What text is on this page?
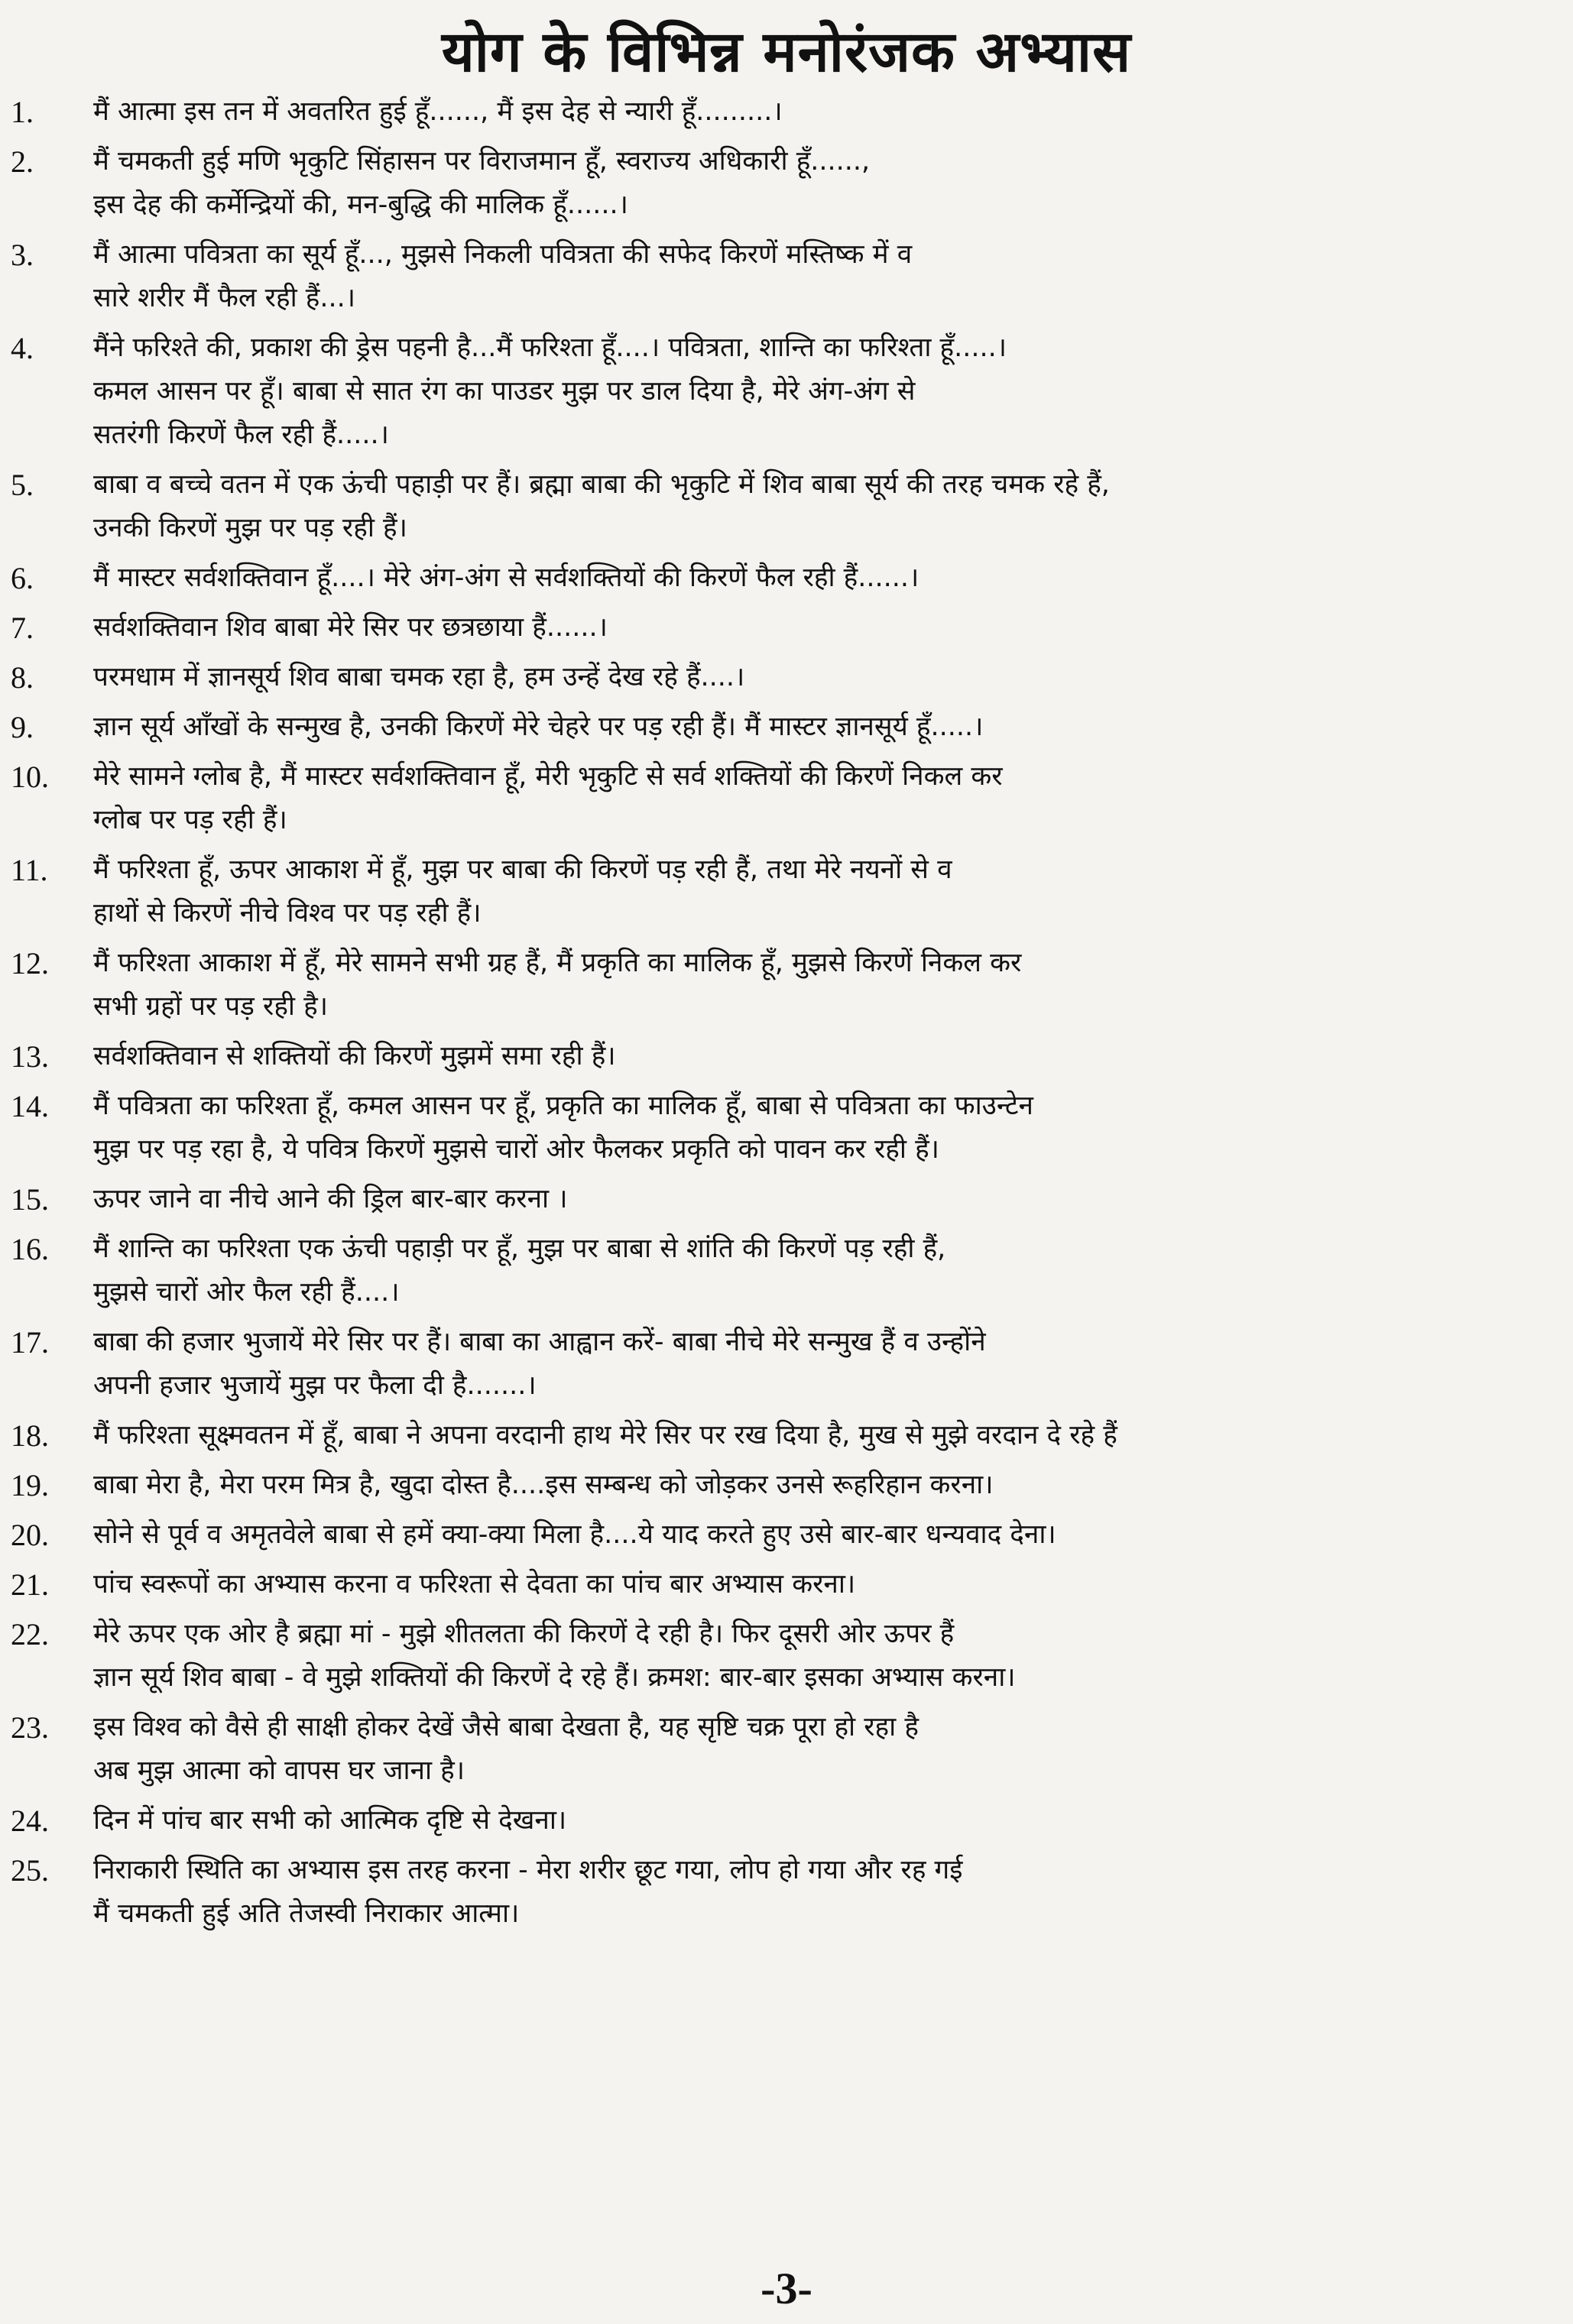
योग के विभिन्न मनोरंजक अभ्यास
1.	मैं आत्मा इस तन में अवतरित हुई हूँ......, मैं इस देह से न्यारी हूँ.........।
2.	मैं चमकती हुई मणि भृकुटि सिंहासन पर विराजमान हूँ, स्वराज्य अधिकारी हूँ......,
इस देह की कर्मेन्द्रियों की, मन-बुद्धि की मालिक हूँ......।
3.	मैं आत्मा पवित्रता का सूर्य हूँ..., मुझसे निकली पवित्रता की सफेद किरणें मस्तिष्क में व
सारे शरीर मैं फैल रही हैं...।
4.	मैंने फरिश्ते की, प्रकाश की ड्रेस पहनी है...मैं फरिश्ता हूँ....। पवित्रता, शान्ति का फरिश्ता हूँ.....।
कमल आसन पर हूँ। बाबा से सात रंग का पाउडर मुझ पर डाल दिया है, मेरे अंग-अंग से
सतरंगी किरणें फैल रही हैं.....।
5.	बाबा व बच्चे वतन में एक ऊंची पहाड़ी पर हैं। ब्रह्मा बाबा की भृकुटि में शिव बाबा सूर्य की तरह चमक रहे हैं,
उनकी किरणें मुझ पर पड़ रही हैं।
6.	मैं मास्टर सर्वशक्तिवान हूँ....। मेरे अंग-अंग से सर्वशक्तियों की किरणें फैल रही हैं......।
7.	सर्वशक्तिवान शिव बाबा मेरे सिर पर छत्रछाया हैं......।
8.	परमधाम में ज्ञानसूर्य शिव बाबा चमक रहा है, हम उन्हें देख रहे हैं....।
9.	ज्ञान सूर्य आँखों के सन्मुख है, उनकी किरणें मेरे चेहरे पर पड़ रही हैं। मैं मास्टर ज्ञानसूर्य हूँ.....।
10.	मेरे सामने ग्लोब है, मैं मास्टर सर्वशक्तिवान हूँ, मेरी भृकुटि से सर्व शक्तियों की किरणें निकल कर
ग्लोब पर पड़ रही हैं।
11.	मैं फरिश्ता हूँ, ऊपर आकाश में हूँ, मुझ पर बाबा की किरणें पड़ रही हैं, तथा मेरे नयनों से व
हाथों से किरणें नीचे विश्व पर पड़ रही हैं।
12.	मैं फरिश्ता आकाश में हूँ, मेरे सामने सभी ग्रह हैं, मैं प्रकृति का मालिक हूँ, मुझसे किरणें निकल कर
सभी ग्रहों पर पड़ रही है।
13.	सर्वशक्तिवान से शक्तियों की किरणें मुझमें समा रही हैं।
14.	मैं पवित्रता का फरिश्ता हूँ, कमल आसन पर हूँ, प्रकृति का मालिक हूँ, बाबा से पवित्रता का फाउन्टेन
मुझ पर पड़ रहा है, ये पवित्र किरणें मुझसे चारों ओर फैलकर प्रकृति को पावन कर रही हैं।
15.	ऊपर जाने वा नीचे आने की ड्रिल बार-बार करना ।
16.	मैं शान्ति का फरिश्ता एक ऊंची पहाड़ी पर हूँ, मुझ पर बाबा से शांति की किरणें पड़ रही हैं,
मुझसे चारों ओर फैल रही हैं....।
17.	बाबा की हजार भुजायें मेरे सिर पर हैं। बाबा का आह्वान करें- बाबा नीचे मेरे सन्मुख हैं व उन्होंने
अपनी हजार भुजायें मुझ पर फैला दी है.......।
18.	मैं फरिश्ता सूक्ष्मवतन में हूँ, बाबा ने अपना वरदानी हाथ मेरे सिर पर रख दिया है, मुख से मुझे वरदान दे रहे हैं
19.	बाबा मेरा है, मेरा परम मित्र है, खुदा दोस्त है....इस सम्बन्ध को जोड़कर उनसे रूहरिहान करना।
20.	सोने से पूर्व व अमृतवेले बाबा से हमें क्या-क्या मिला है....ये याद करते हुए उसे बार-बार धन्यवाद देना।
21.	पांच स्वरूपों का अभ्यास करना व फरिश्ता से देवता का पांच बार अभ्यास करना।
22.	मेरे ऊपर एक ओर है ब्रह्मा मां - मुझे शीतलता की किरणें दे रही है। फिर दूसरी ओर ऊपर हैं
ज्ञान सूर्य शिव बाबा - वे मुझे शक्तियों की किरणें दे रहे हैं। क्रमश: बार-बार इसका अभ्यास करना।
23.	इस विश्व को वैसे ही साक्षी होकर देखें जैसे बाबा देखता है, यह सृष्टि चक्र पूरा हो रहा है
अब मुझ आत्मा को वापस घर जाना है।
24.	दिन में पांच बार सभी को आत्मिक दृष्टि से देखना।
25.	निराकारी स्थिति का अभ्यास इस तरह करना - मेरा शरीर छूट गया, लोप हो गया और रह गई
मैं चमकती हुई अति तेजस्वी निराकार आत्मा।
-3-
